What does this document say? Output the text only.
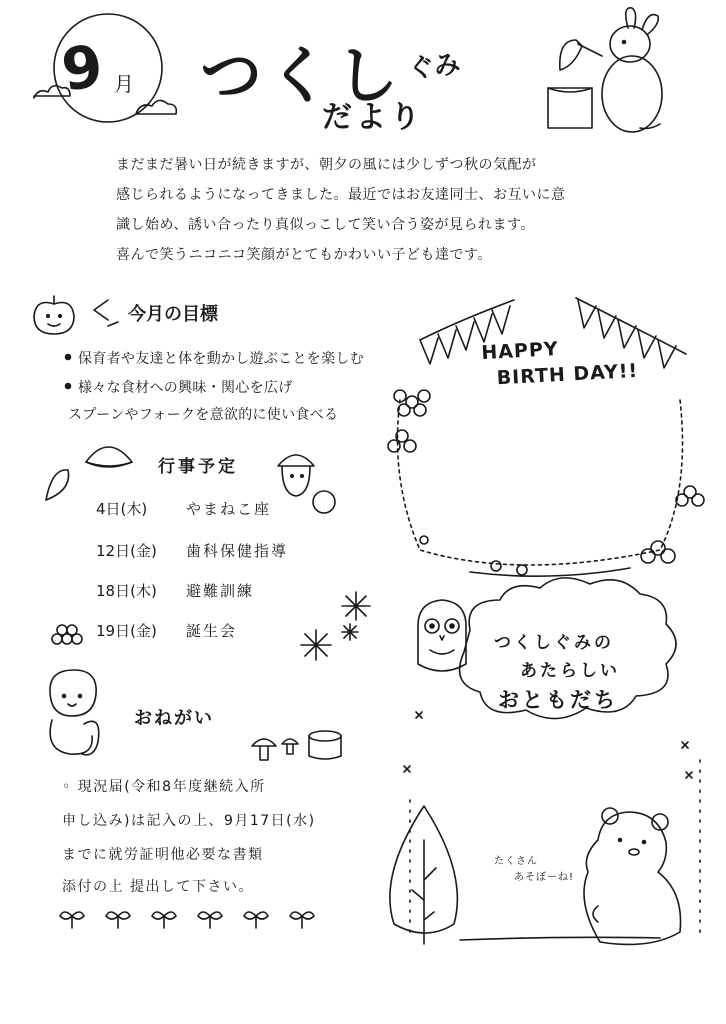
9 月 つくし ぐみ
だより
まだまだ暑い日が続きますが、朝夕の風には少しずつ秋の気配が
感じられるようになってきました。最近ではお友達同士、お互いに意
識し始め、誘い合ったり真似っこして笑い合う姿が見られます。
喜んで笑うニコニコ笑顔がとてもかわいい子ども達です。
今月の目標
保育者や友達と体を動かし遊ぶことを楽しむ
様々な食材への興味・関心を広げ
スプーンやフォークを意欲的に使い食べる
行事予定
4日(木)	やまねこ座
12日(金) 歯科保健指導
18日(木) 避難訓練
19日(金) 誕生会
おねがい
◦ 現況届(令和8年度継続入所
申し込み)は記入の上、9月17日(水)
までに就労証明他必要な書類
添付の上 提出して下さい。
HAPPY
BIRTH DAY!!
つくしぐみの
あたらしい
おともだち
たくさん
あそぼーね!
